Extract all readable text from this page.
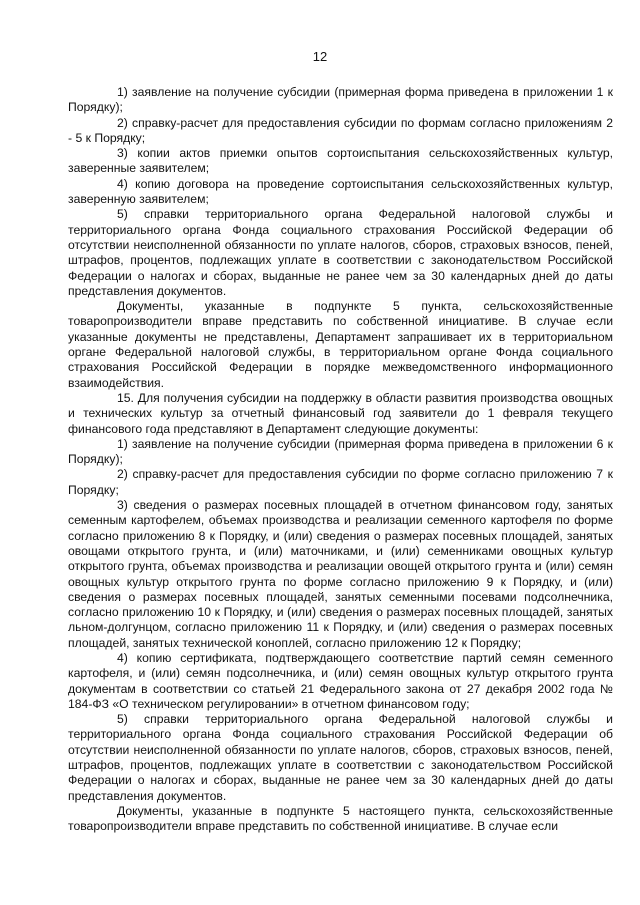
12

1) заявление на получение субсидии (примерная форма приведена в приложении 1 к Порядку);

2) справку-расчет для предоставления субсидии по формам согласно приложениям 2 - 5 к Порядку;

3) копии актов приемки опытов сортоиспытания сельскохозяйственных культур, заверенные заявителем;

4) копию договора на проведение сортоиспытания сельскохозяйственных культур, заверенную заявителем;

5) справки территориального органа Федеральной налоговой службы и территориального органа Фонда социального страхования Российской Федерации об отсутствии неисполненной обязанности по уплате налогов, сборов, страховых взносов, пеней, штрафов, процентов, подлежащих уплате в соответствии с законодательством Российской Федерации о налогах и сборах, выданные не ранее чем за 30 календарных дней до даты представления документов.

Документы, указанные в подпункте 5 пункта, сельскохозяйственные товаропроизводители вправе представить по собственной инициативе. В случае если указанные документы не представлены, Департамент запрашивает их в территориальном органе Федеральной налоговой службы, в территориальном органе Фонда социального страхования Российской Федерации в порядке межведомственного информационного взаимодействия.

15. Для получения субсидии на поддержку в области развития производства овощных и технических культур за отчетный финансовый год заявители до 1 февраля текущего финансового года представляют в Департамент следующие документы:

1) заявление на получение субсидии (примерная форма приведена в приложении 6 к Порядку);

2) справку-расчет для предоставления субсидии по форме согласно приложению 7 к Порядку;

3) сведения о размерах посевных площадей в отчетном финансовом году, занятых семенным картофелем, объемах производства и реализации семенного картофеля по форме согласно приложению 8 к Порядку, и (или) сведения о размерах посевных площадей, занятых овощами открытого грунта, и (или) маточниками, и (или) семенниками овощных культур открытого грунта, объемах производства и реализации овощей открытого грунта и (или) семян овощных культур открытого грунта по форме согласно приложению 9 к Порядку, и (или) сведения о размерах посевных площадей, занятых семенными посевами подсолнечника, согласно приложению 10 к Порядку, и (или) сведения о размерах посевных площадей, занятых льном-долгунцом, согласно приложению 11 к Порядку, и (или) сведения о размерах посевных площадей, занятых технической коноплей, согласно приложению 12 к Порядку;

4) копию сертификата, подтверждающего соответствие партий семян семенного картофеля, и (или) семян подсолнечника, и (или) семян овощных культур открытого грунта документам в соответствии со статьей 21 Федерального закона от 27 декабря 2002 года № 184-ФЗ «О техническом регулировании» в отчетном финансовом году;

5) справки территориального органа Федеральной налоговой службы и территориального органа Фонда социального страхования Российской Федерации об отсутствии неисполненной обязанности по уплате налогов, сборов, страховых взносов, пеней, штрафов, процентов, подлежащих уплате в соответствии с законодательством Российской Федерации о налогах и сборах, выданные не ранее чем за 30 календарных дней до даты представления документов.

Документы, указанные в подпункте 5 настоящего пункта, сельскохозяйственные товаропроизводители вправе представить по собственной инициативе. В случае если
